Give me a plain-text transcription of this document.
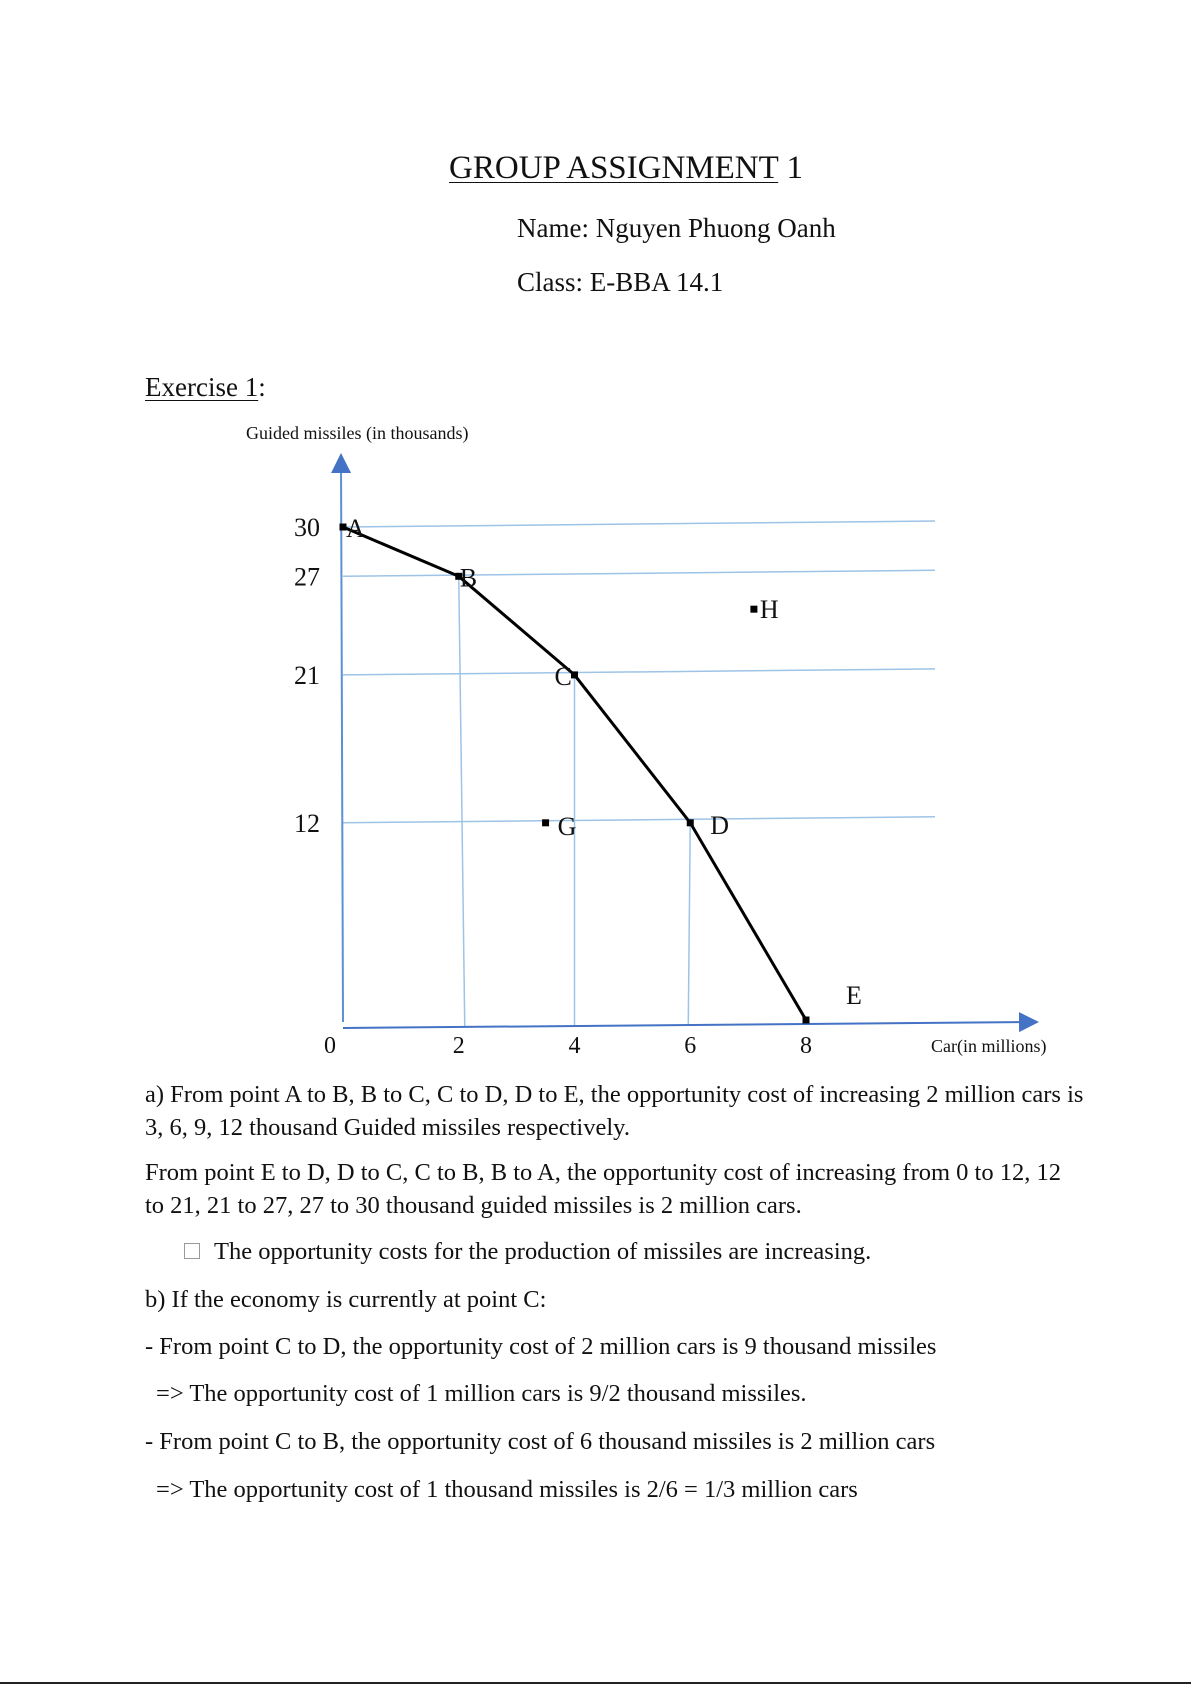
GROUP ASSIGNMENT 1
Name: Nguyen Phuong Oanh
Class: E-BBA 14.1
Exercise 1:
A
B
C
D
E
G
H
0	2	4	6	8
30
27
21
12
Guided missiles (in thousands)
Car(in millions)
a) From point A to B, B to C, C to D, D to E, the opportunity cost of increasing 2 million cars is 3, 6, 9, 12 thousand Guided missiles respectively.
From point E to D, D to C, C to B, B to A, the opportunity cost of increasing from 0 to 12, 12 to 21, 21 to 27, 27 to 30 thousand guided missiles is 2 million cars.
The opportunity costs for the production of missiles are increasing.
b) If the economy is currently at point C:
- From point C to D, the opportunity cost of 2 million cars is 9 thousand missiles
=> The opportunity cost of 1 million cars is 9/2 thousand missiles.
- From point C to B, the opportunity cost of 6 thousand missiles is 2 million cars
=> The opportunity cost of 1 thousand missiles is 2/6 = 1/3 million cars
